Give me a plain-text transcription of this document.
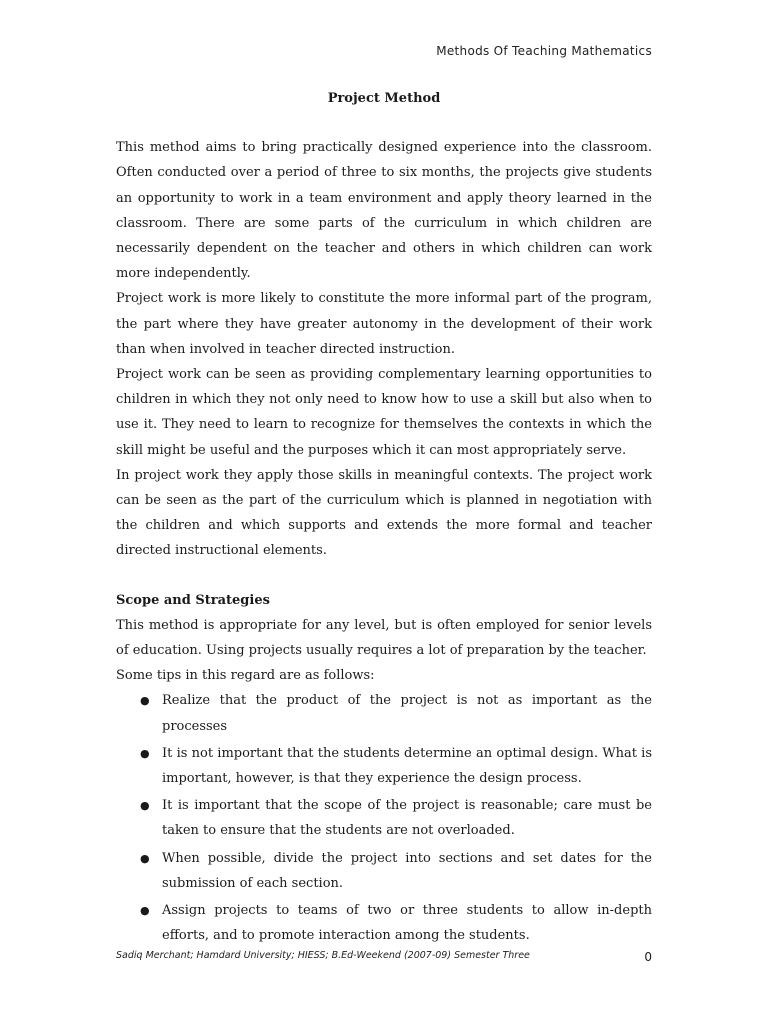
Methods Of Teaching Mathematics

Project Method

This method aims to bring practically designed experience into the classroom. Often conducted over a period of three to six months, the projects give students an opportunity to work in a team environment and apply theory learned in the classroom. There are some parts of the curriculum in which children are necessarily dependent on the teacher and others in which children can work more independently.

Project work is more likely to constitute the more informal part of the program, the part where they have greater autonomy in the development of their work than when involved in teacher directed instruction.

Project work can be seen as providing complementary learning opportunities to children in which they not only need to know how to use a skill but also when to use it. They need to learn to recognize for themselves the contexts in which the skill might be useful and the purposes which it can most appropriately serve.

In project work they apply those skills in meaningful contexts. The project work can be seen as the part of the curriculum which is planned in negotiation with the children and which supports and extends the more formal and teacher directed instructional elements.

Scope and Strategies

This method is appropriate for any level, but is often employed for senior levels of education. Using projects usually requires a lot of preparation by the teacher.

Some tips in this regard are as follows:

● Realize that the product of the project is not as important as the processes
● It is not important that the students determine an optimal design. What is important, however, is that they experience the design process.
● It is important that the scope of the project is reasonable; care must be taken to ensure that the students are not overloaded.
● When possible, divide the project into sections and set dates for the submission of each section.
● Assign projects to teams of two or three students to allow in-depth efforts, and to promote interaction among the students.
Sadiq Merchant; Hamdard University; HIESS; B.Ed-Weekend (2007-09) Semester Three	0
